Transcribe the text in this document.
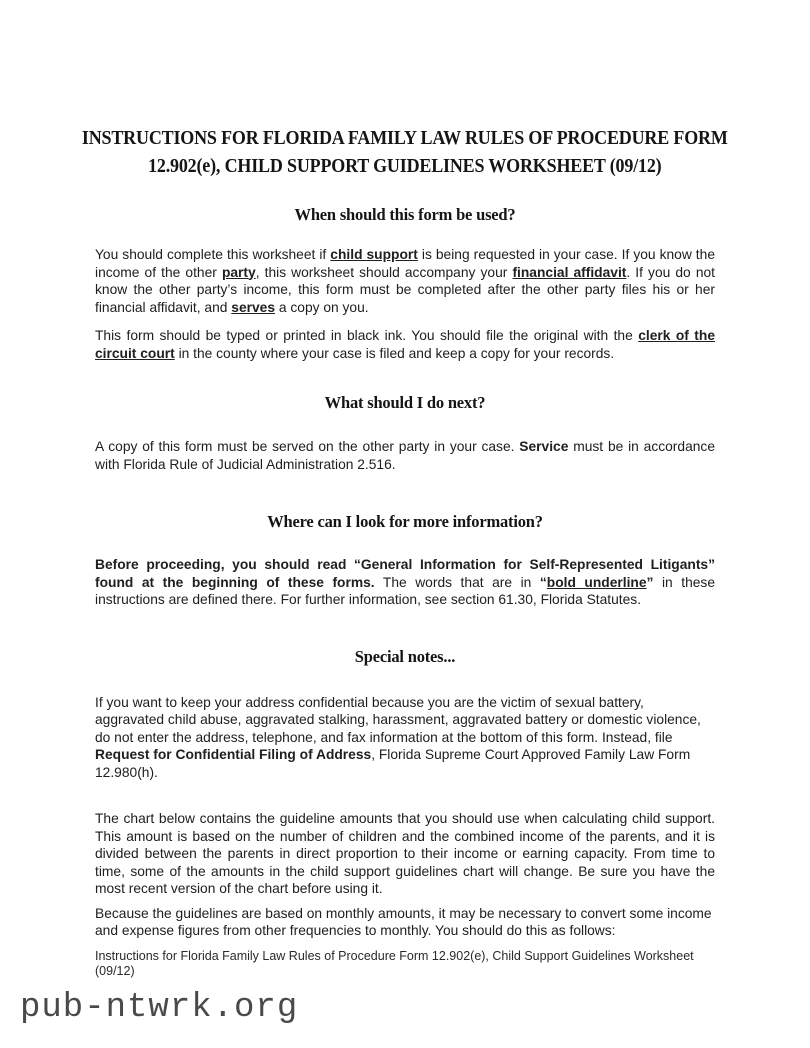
INSTRUCTIONS FOR FLORIDA FAMILY LAW RULES OF PROCEDURE FORM
12.902(e), CHILD SUPPORT GUIDELINES WORKSHEET (09/12)
When should this form be used?

You should complete this worksheet if child support is being requested in your case. If you know the income of the other party, this worksheet should accompany your financial affidavit. If you do not know the other party’s income, this form must be completed after the other party files his or her financial affidavit, and serves a copy on you.

This form should be typed or printed in black ink. You should file the original with the clerk of the circuit court in the county where your case is filed and keep a copy for your records.

What should I do next?

A copy of this form must be served on the other party in your case. Service must be in accordance with Florida Rule of Judicial Administration 2.516.

Where can I look for more information?

Before proceeding, you should read “General Information for Self-Represented Litigants” found at the beginning of these forms. The words that are in “bold underline” in these instructions are defined there. For further information, see section 61.30, Florida Statutes.

Special notes...

If you want to keep your address confidential because you are the victim of sexual battery, aggravated child abuse, aggravated stalking, harassment, aggravated battery or domestic violence, do not enter the address, telephone, and fax information at the bottom of this form. Instead, file Request for Confidential Filing of Address, Florida Supreme Court Approved Family Law Form 12.980(h).

The chart below contains the guideline amounts that you should use when calculating child support. This amount is based on the number of children and the combined income of the parents, and it is divided between the parents in direct proportion to their income or earning capacity. From time to time, some of the amounts in the child support guidelines chart will change. Be sure you have the most recent version of the chart before using it.

Because the guidelines are based on monthly amounts, it may be necessary to convert some income and expense figures from other frequencies to monthly. You should do this as follows:

Instructions for Florida Family Law Rules of Procedure Form 12.902(e), Child Support Guidelines Worksheet (09/12)

pub-ntwrk.org
